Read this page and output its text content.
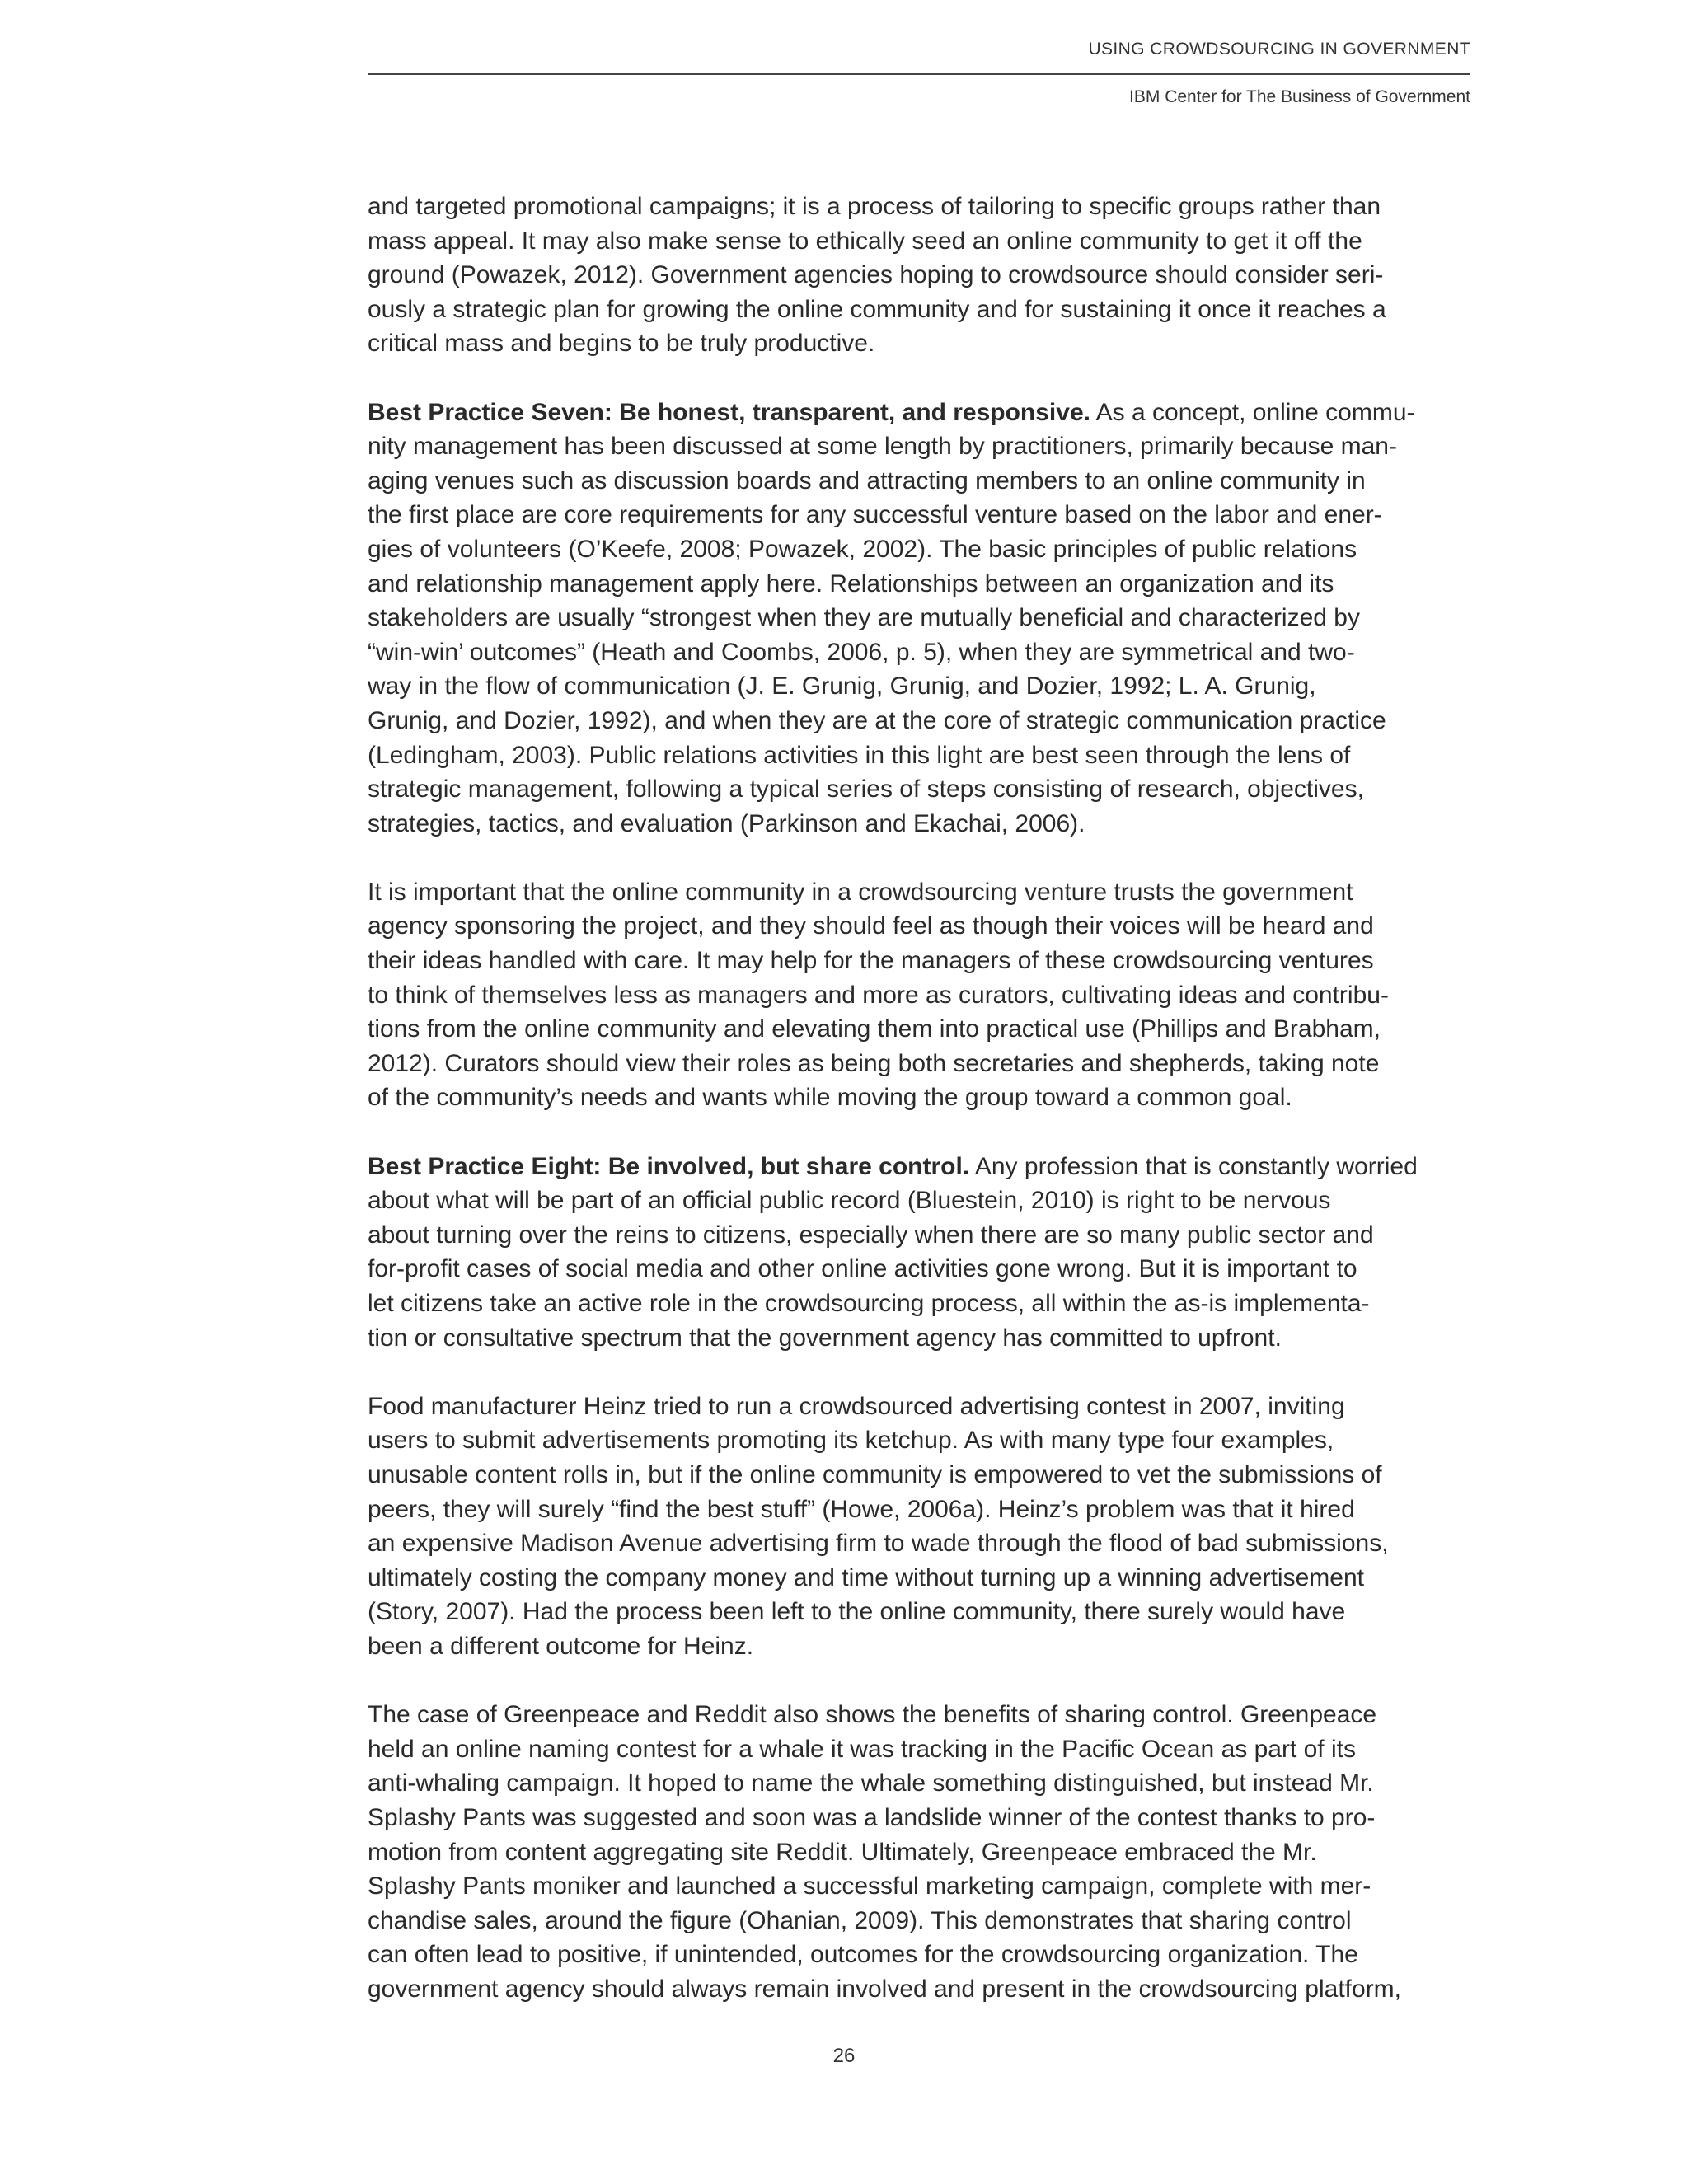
USING CROWDSOURCING IN GOVERNMENT
IBM Center for The Business of Government

and targeted promotional campaigns; it is a process of tailoring to specific groups rather than
mass appeal. It may also make sense to ethically seed an online community to get it off the
ground (Powazek, 2012). Government agencies hoping to crowdsource should consider seri-
ously a strategic plan for growing the online community and for sustaining it once it reaches a
critical mass and begins to be truly productive.

Best Practice Seven: Be honest, transparent, and responsive. As a concept, online commu-
nity management has been discussed at some length by practitioners, primarily because man-
aging venues such as discussion boards and attracting members to an online community in
the first place are core requirements for any successful venture based on the labor and ener-
gies of volunteers (O’Keefe, 2008; Powazek, 2002). The basic principles of public relations
and relationship management apply here. Relationships between an organization and its
stakeholders are usually “strongest when they are mutually beneficial and characterized by
“win-win’ outcomes” (Heath and Coombs, 2006, p. 5), when they are symmetrical and two-
way in the flow of communication (J. E. Grunig, Grunig, and Dozier, 1992; L. A. Grunig,
Grunig, and Dozier, 1992), and when they are at the core of strategic communication practice
(Ledingham, 2003). Public relations activities in this light are best seen through the lens of
strategic management, following a typical series of steps consisting of research, objectives,
strategies, tactics, and evaluation (Parkinson and Ekachai, 2006).

It is important that the online community in a crowdsourcing venture trusts the government
agency sponsoring the project, and they should feel as though their voices will be heard and
their ideas handled with care. It may help for the managers of these crowdsourcing ventures
to think of themselves less as managers and more as curators, cultivating ideas and contribu-
tions from the online community and elevating them into practical use (Phillips and Brabham,
2012). Curators should view their roles as being both secretaries and shepherds, taking note
of the community’s needs and wants while moving the group toward a common goal.

Best Practice Eight: Be involved, but share control. Any profession that is constantly worried
about what will be part of an official public record (Bluestein, 2010) is right to be nervous
about turning over the reins to citizens, especially when there are so many public sector and
for-profit cases of social media and other online activities gone wrong. But it is important to
let citizens take an active role in the crowdsourcing process, all within the as-is implementa-
tion or consultative spectrum that the government agency has committed to upfront.

Food manufacturer Heinz tried to run a crowdsourced advertising contest in 2007, inviting
users to submit advertisements promoting its ketchup. As with many type four examples,
unusable content rolls in, but if the online community is empowered to vet the submissions of
peers, they will surely “find the best stuff” (Howe, 2006a). Heinz’s problem was that it hired
an expensive Madison Avenue advertising firm to wade through the flood of bad submissions,
ultimately costing the company money and time without turning up a winning advertisement
(Story, 2007). Had the process been left to the online community, there surely would have
been a different outcome for Heinz.

The case of Greenpeace and Reddit also shows the benefits of sharing control. Greenpeace
held an online naming contest for a whale it was tracking in the Pacific Ocean as part of its
anti-whaling campaign. It hoped to name the whale something distinguished, but instead Mr.
Splashy Pants was suggested and soon was a landslide winner of the contest thanks to pro-
motion from content aggregating site Reddit. Ultimately, Greenpeace embraced the Mr.
Splashy Pants moniker and launched a successful marketing campaign, complete with mer-
chandise sales, around the figure (Ohanian, 2009). This demonstrates that sharing control
can often lead to positive, if unintended, outcomes for the crowdsourcing organization. The
government agency should always remain involved and present in the crowdsourcing platform,

26
